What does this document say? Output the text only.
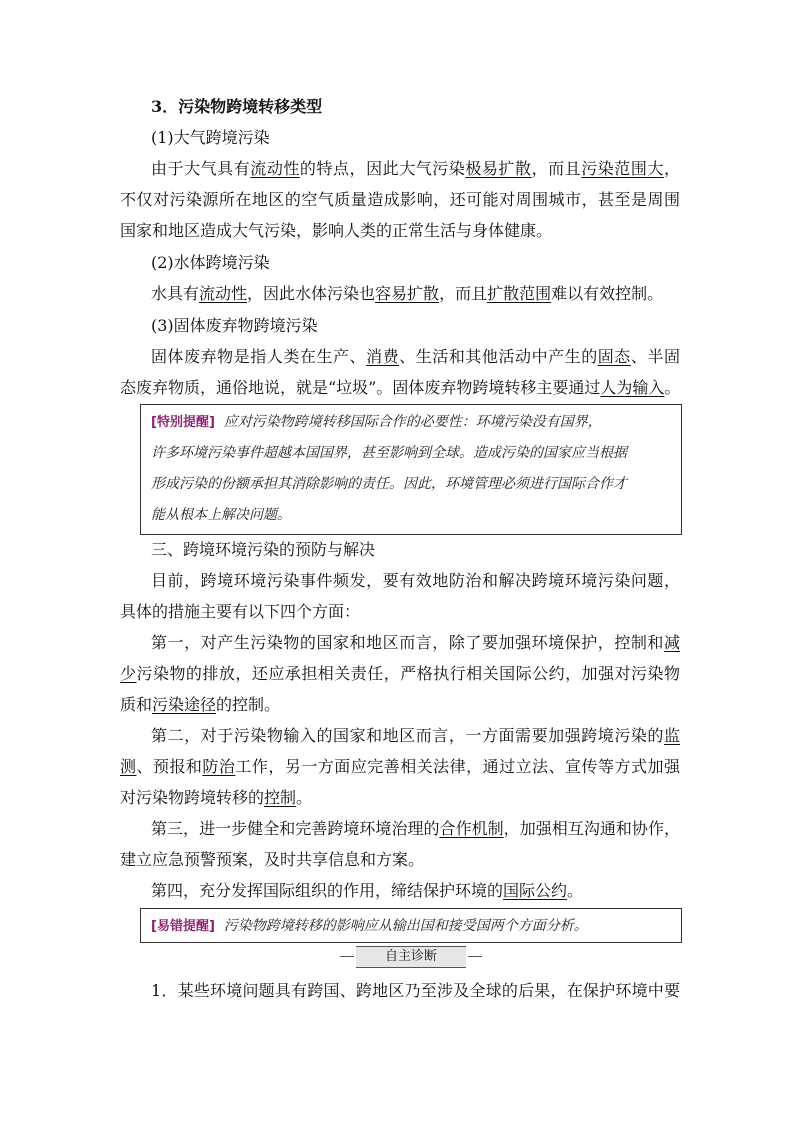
3．污染物跨境转移类型
(1)大气跨境污染
由于大气具有流动性的特点，因此大气污染极易扩散，而且污染范围大，
不仅对污染源所在地区的空气质量造成影响，还可能对周围城市，甚至是周围
国家和地区造成大气污染，影响人类的正常生活与身体健康。
(2)水体跨境污染
水具有流动性，因此水体污染也容易扩散，而且扩散范围难以有效控制。
(3)固体废弃物跨境污染
固体废弃物是指人类在生产、消费、生活和其他活动中产生的固态、半固
态废弃物质，通俗地说，就是“垃圾”。固体废弃物跨境转移主要通过人为输入。
[特别提醒] 应对污染物跨境转移国际合作的必要性：环境污染没有国界，
许多环境污染事件超越本国国界，甚至影响到全球。造成污染的国家应当根据
形成污染的份额承担其消除影响的责任。因此，环境管理必须进行国际合作才
能从根本上解决问题。
三、跨境环境污染的预防与解决
目前，跨境环境污染事件频发，要有效地防治和解决跨境环境污染问题，
具体的措施主要有以下四个方面：
第一，对产生污染物的国家和地区而言，除了要加强环境保护，控制和减
少污染物的排放，还应承担相关责任，严格执行相关国际公约，加强对污染物
质和污染途径的控制。
第二，对于污染物输入的国家和地区而言，一方面需要加强跨境污染的监
测、预报和防治工作，另一方面应完善相关法律，通过立法、宣传等方式加强
对污染物跨境转移的控制。
第三，进一步健全和完善跨境环境治理的合作机制，加强相互沟通和协作，
建立应急预警预案，及时共享信息和方案。
第四，充分发挥国际组织的作用，缔结保护环境的国际公约。
[易错提醒] 污染物跨境转移的影响应从输出国和接受国两个方面分析。
自主诊断
1．某些环境问题具有跨国、跨地区乃至涉及全球的后果，在保护环境中要
